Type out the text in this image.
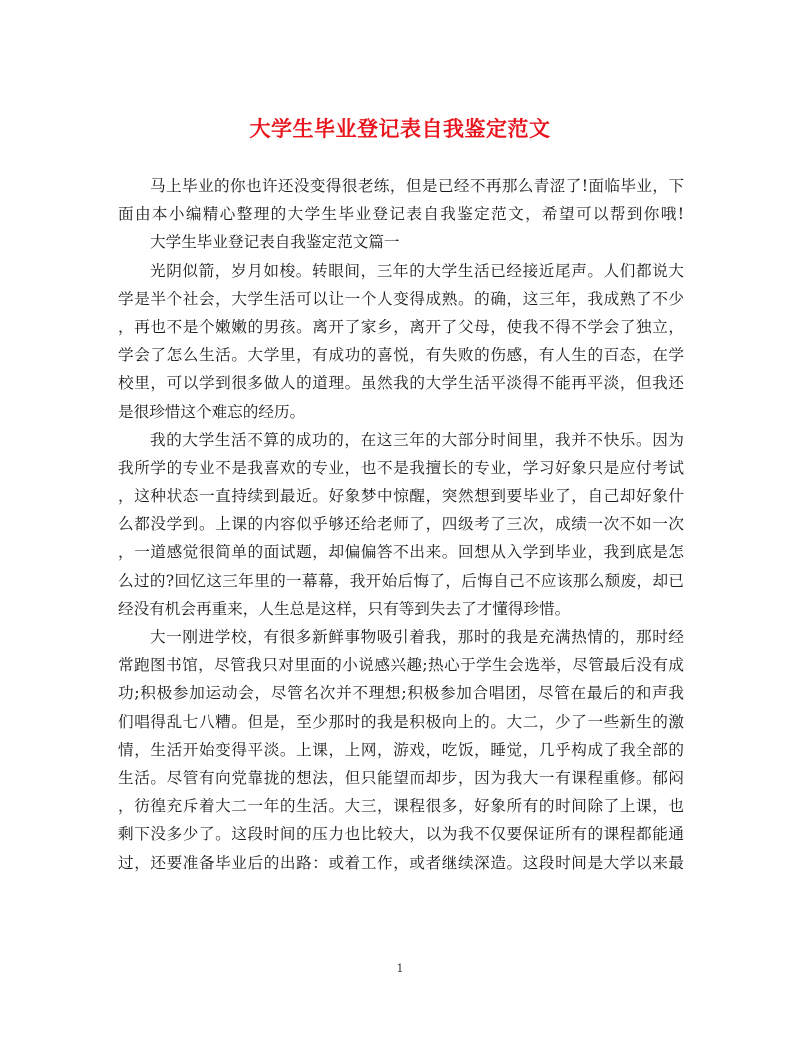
大学生毕业登记表自我鉴定范文
马上毕业的你也许还没变得很老练，但是已经不再那么青涩了!面临毕业，下
面由本小编精心整理的大学生毕业登记表自我鉴定范文，希望可以帮到你哦!
大学生毕业登记表自我鉴定范文篇一
光阴似箭，岁月如梭。转眼间，三年的大学生活已经接近尾声。人们都说大
学是半个社会，大学生活可以让一个人变得成熟。的确，这三年，我成熟了不少
，再也不是个嫩嫩的男孩。离开了家乡，离开了父母，使我不得不学会了独立，
学会了怎么生活。大学里，有成功的喜悦，有失败的伤感，有人生的百态，在学
校里，可以学到很多做人的道理。虽然我的大学生活平淡得不能再平淡，但我还
是很珍惜这个难忘的经历。
我的大学生活不算的成功的，在这三年的大部分时间里，我并不快乐。因为
我所学的专业不是我喜欢的专业，也不是我擅长的专业，学习好象只是应付考试
，这种状态一直持续到最近。好象梦中惊醒，突然想到要毕业了，自己却好象什
么都没学到。上课的内容似乎够还给老师了，四级考了三次，成绩一次不如一次
，一道感觉很简单的面试题，却偏偏答不出来。回想从入学到毕业，我到底是怎
么过的?回忆这三年里的一幕幕，我开始后悔了，后悔自己不应该那么颓废，却已
经没有机会再重来，人生总是这样，只有等到失去了才懂得珍惜。
大一刚进学校，有很多新鲜事物吸引着我，那时的我是充满热情的，那时经
常跑图书馆，尽管我只对里面的小说感兴趣;热心于学生会选举，尽管最后没有成
功;积极参加运动会，尽管名次并不理想;积极参加合唱团，尽管在最后的和声我
们唱得乱七八糟。但是，至少那时的我是积极向上的。大二，少了一些新生的激
情，生活开始变得平淡。上课，上网，游戏，吃饭，睡觉，几乎构成了我全部的
生活。尽管有向党靠拢的想法，但只能望而却步，因为我大一有课程重修。郁闷
，彷徨充斥着大二一年的生活。大三，课程很多，好象所有的时间除了上课，也
剩下没多少了。这段时间的压力也比较大，以为我不仅要保证所有的课程都能通
过，还要准备毕业后的出路：或着工作，或者继续深造。这段时间是大学以来最
1
